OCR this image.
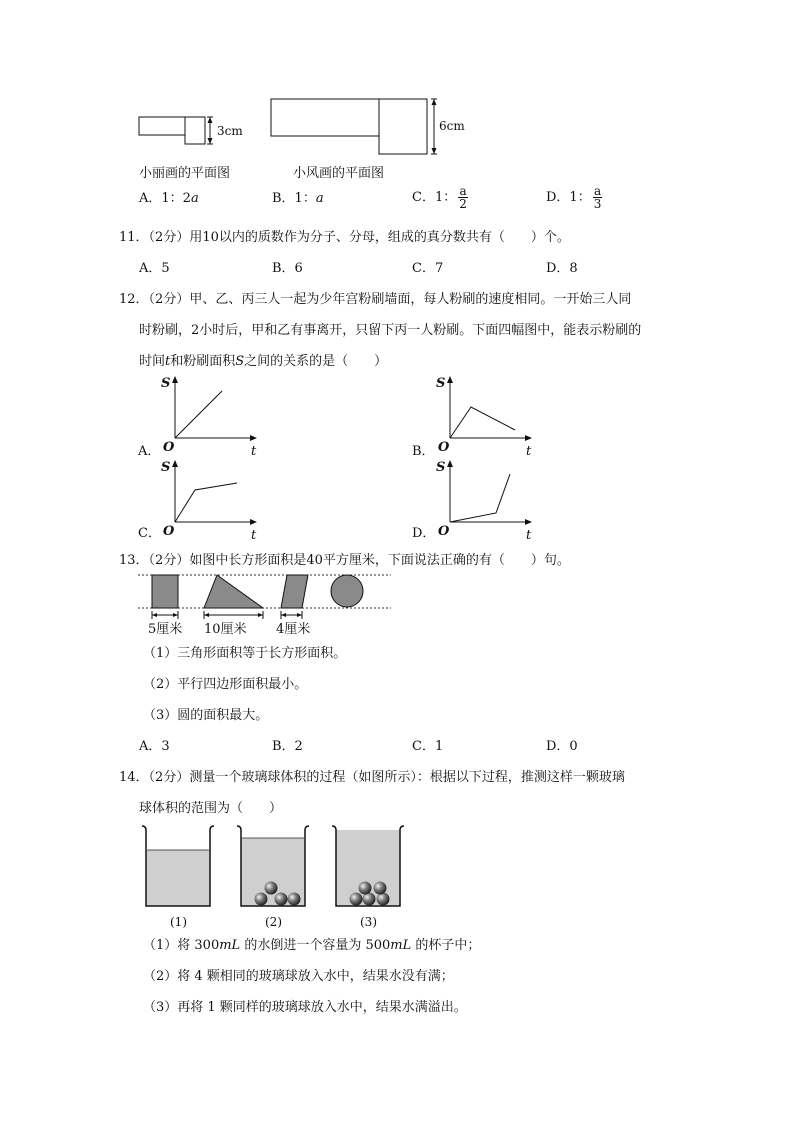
3cm	6cm
小丽画的平面图	小风画的平面图
A．1：2a	B．1：a	C．1： $\frac{a}{2}$	D．1： $\frac{a}{3}$
11．（2分）用10以内的质数作为分子、分母，组成的真分数共有（　　）个。
A．5	B．6	C．7	D．8
12．（2分）甲、乙、丙三人一起为少年宫粉刷墙面，每人粉刷的速度相同。一开始三人同
时粉刷，2小时后，甲和乙有事离开，只留下丙一人粉刷。下面四幅图中，能表示粉刷的
时间t和粉刷面积S之间的关系的是（　　）
A．
S
t
O	B．
S
t
O
C．
S
t
O	D．
S
t
O
13．（2分）如图中长方形面积是40平方厘米，下面说法正确的有（　　）句。
5厘米 10厘米 4厘米
（1）三角形面积等于长方形面积。
（2）平行四边形面积最小。
（3）圆的面积最大。
A．3	B．2	C．1	D．0
14．（2分）测量一个玻璃球体积的过程（如图所示）：根据以下过程，推测这样一颗玻璃
球体积的范围为（　　）
(1)	(2)	(3)
（1）将 300mL 的水倒进一个容量为 500mL 的杯子中；
（2）将 4 颗相同的玻璃球放入水中，结果水没有满；
（3）再将 1 颗同样的玻璃球放入水中，结果水满溢出。
